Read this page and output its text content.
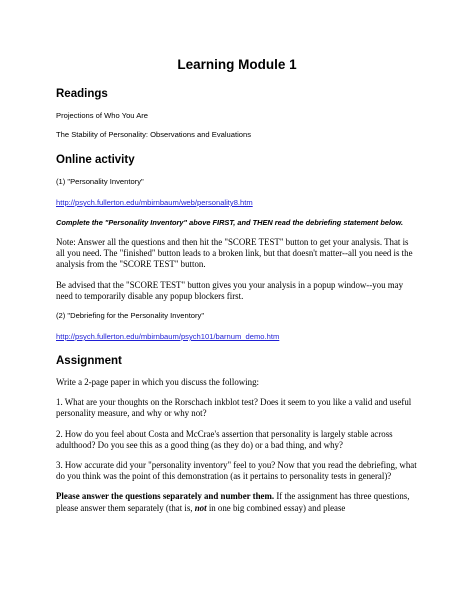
Learning Module 1
Readings

Projections of Who You Are

The Stability of Personality: Observations and Evaluations

Online activity

(1) "Personality Inventory"

http://psych.fullerton.edu/mbirnbaum/web/personality8.htm

Complete the "Personality Inventory" above FIRST, and THEN read the debriefing statement below.

Note: Answer all the questions and then hit the "SCORE TEST" button to get your analysis. That is all you need. The "finished" button leads to a broken link, but that doesn't matter--all you need is the analysis from the "SCORE TEST" button.

Be advised that the "SCORE TEST" button gives you your analysis in a popup window--you may need to temporarily disable any popup blockers first.

(2) "Debriefing for the Personality Inventory"

http://psych.fullerton.edu/mbirnbaum/psych101/barnum_demo.htm

Assignment

Write a 2-page paper in which you discuss the following:

1. What are your thoughts on the Rorschach inkblot test? Does it seem to you like a valid and useful personality measure, and why or why not?

2. How do you feel about Costa and McCrae's assertion that personality is largely stable across adulthood? Do you see this as a good thing (as they do) or a bad thing, and why?

3. How accurate did your "personality inventory" feel to you? Now that you read the debriefing, what do you think was the point of this demonstration (as it pertains to personality tests in general)?

Please answer the questions separately and number them. If the assignment has three questions, please answer them separately (that is, not in one big combined essay) and please
